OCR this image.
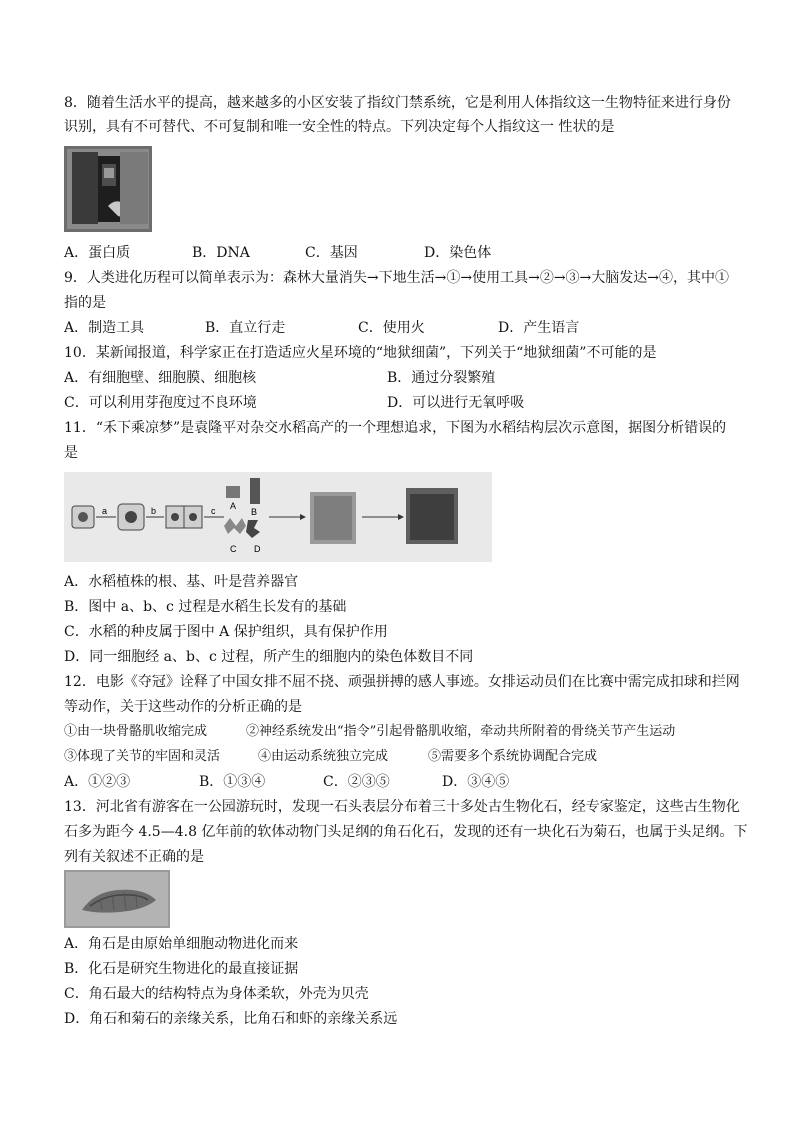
8．随着生活水平的提高，越来越多的小区安装了指纹门禁系统，它是利用人体指纹这一生物特征来进行身份
识别，具有不可替代、不可复制和唯一安全性的特点。下列决定每个人指纹这一 性状的是
A．蛋白质	B．DNA	C．基因	D．染色体
9．人类进化历程可以简单表示为：森林大量消失→下地生活→①→使用工具→②→③→大脑发达→④，其中①
指的是
A．制造工具	B．直立行走	C．使用火	D．产生语言
10．某新闻报道，科学家正在打造适应火星环境的“地狱细菌”，下列关于“地狱细菌”不可能的是
A．有细胞壁、细胞膜、细胞核	B．通过分裂繁殖
C．可以利用芽孢度过不良环境	D．可以进行无氧呼吸
11．“禾下乘凉梦”是袁隆平对杂交水稻高产的一个理想追求，下图为水稻结构层次示意图，据图分析错误的
是
a	b	c A
B
C D
A．水稻植株的根、基、叶是营养器官
B．图中 a、b、c 过程是水稻生长发有的基础
C．水稻的种皮属于图中 A 保护组织，具有保护作用
D．同一细胞经 a、b、c 过程，所产生的细胞内的染色体数目不同
12．电影《夺冠》诠释了中国女排不屈不挠、顽强拼搏的感人事迹。女排运动员们在比赛中需完成扣球和拦网
等动作，关于这些动作的分析正确的是
①由一块骨骼肌收缩完成	②神经系统发出“指令”引起骨骼肌收缩，牵动共所附着的骨绕关节产生运动
③体现了关节的牢固和灵活	④由运动系统独立完成	⑤需要多个系统协调配合完成
A．①②③	B．①③④	C．②③⑤	D．③④⑤
13．河北省有游客在一公园游玩时，发现一石头表层分布着三十多处古生物化石，经专家鉴定，这些古生物化
石多为距今 4.5—4.8 亿年前的软体动物门头足纲的角石化石，发现的还有一块化石为菊石，也属于头足纲。下
列有关叙述不正确的是
A．角石是由原始单细胞动物进化而来
B．化石是研究生物进化的最直接证据
C．角石最大的结构特点为身体柔软，外壳为贝壳
D．角石和菊石的亲缘关系，比角石和虾的亲缘关系远
